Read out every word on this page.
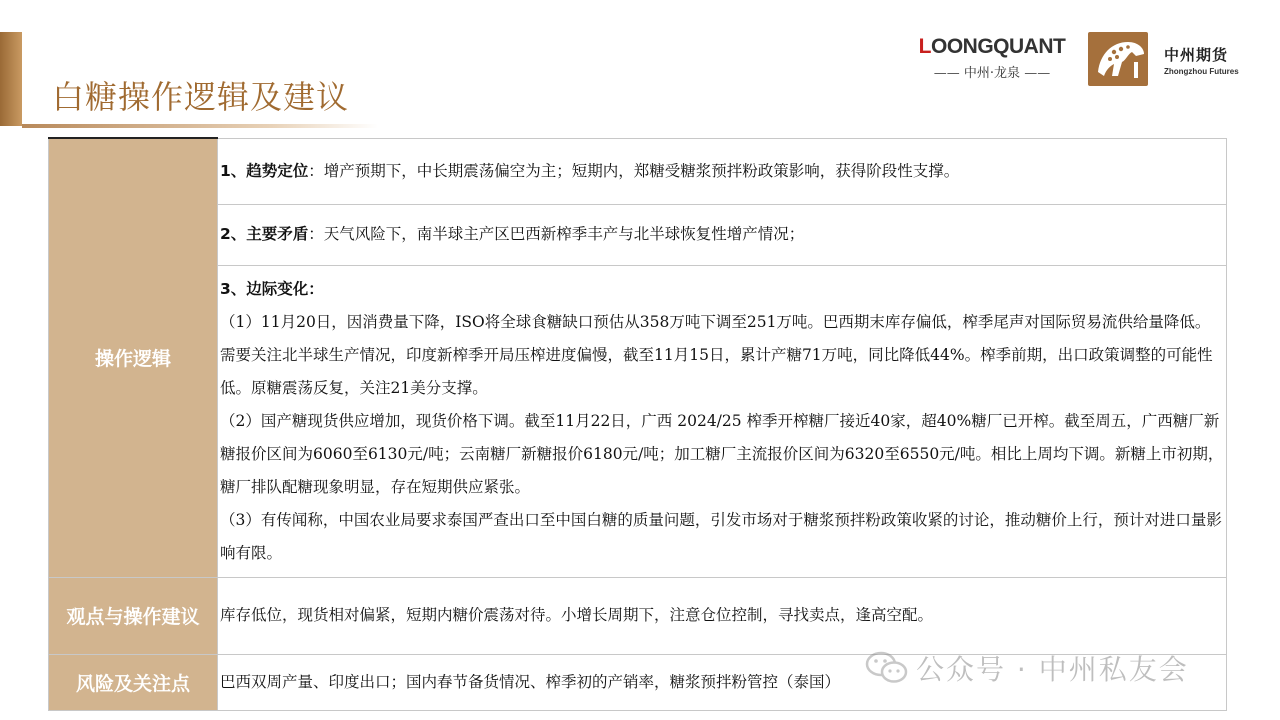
白糖操作逻辑及建议
LOONGQUANT
—— 中州·龙泉 ——
中州期货
Zhongzhou Futures
操作逻辑	1、趋势定位：增产预期下，中长期震荡偏空为主；短期内，郑糖受糖浆预拌粉政策影响，获得阶段性支撑。
	2、主要矛盾：天气风险下，南半球主产区巴西新榨季丰产与北半球恢复性增产情况；

	3、边际变化：

（1）11月20日，因消费量下降，ISO将全球食糖缺口预估从358万吨下调至251万吨。巴西期末库存偏低，榨季尾声对国际贸易流供给量降低。需要关注北半球生产情况，印度新榨季开局压榨进度偏慢，截至11月15日，累计产糖71万吨，同比降低44%。榨季前期，出口政策调整的可能性低。原糖震荡反复，关注21美分支撑。

（2）国产糖现货供应增加，现货价格下调。截至11月22日，广西 2024/25 榨季开榨糖厂接近40家，超40%糖厂已开榨。截至周五，广西糖厂新糖报价区间为6060至6130元/吨；云南糖厂新糖报价6180元/吨；加工糖厂主流报价区间为6320至6550元/吨。相比上周均下调。新糖上市初期，糖厂排队配糖现象明显，存在短期供应紧张。

（3）有传闻称，中国农业局要求泰国严查出口至中国白糖的质量问题，引发市场对于糖浆预拌粉政策收紧的讨论，推动糖价上行，预计对进口量影响有限。

观点与操作建议	库存低位，现货相对偏紧，短期内糖价震荡对待。小增长周期下，注意仓位控制，寻找卖点，逢高空配。
风险及关注点	巴西双周产量、印度出口；国内春节备货情况、榨季初的产销率，糖浆预拌粉管控（泰国）	公众号 · 中州私友会
